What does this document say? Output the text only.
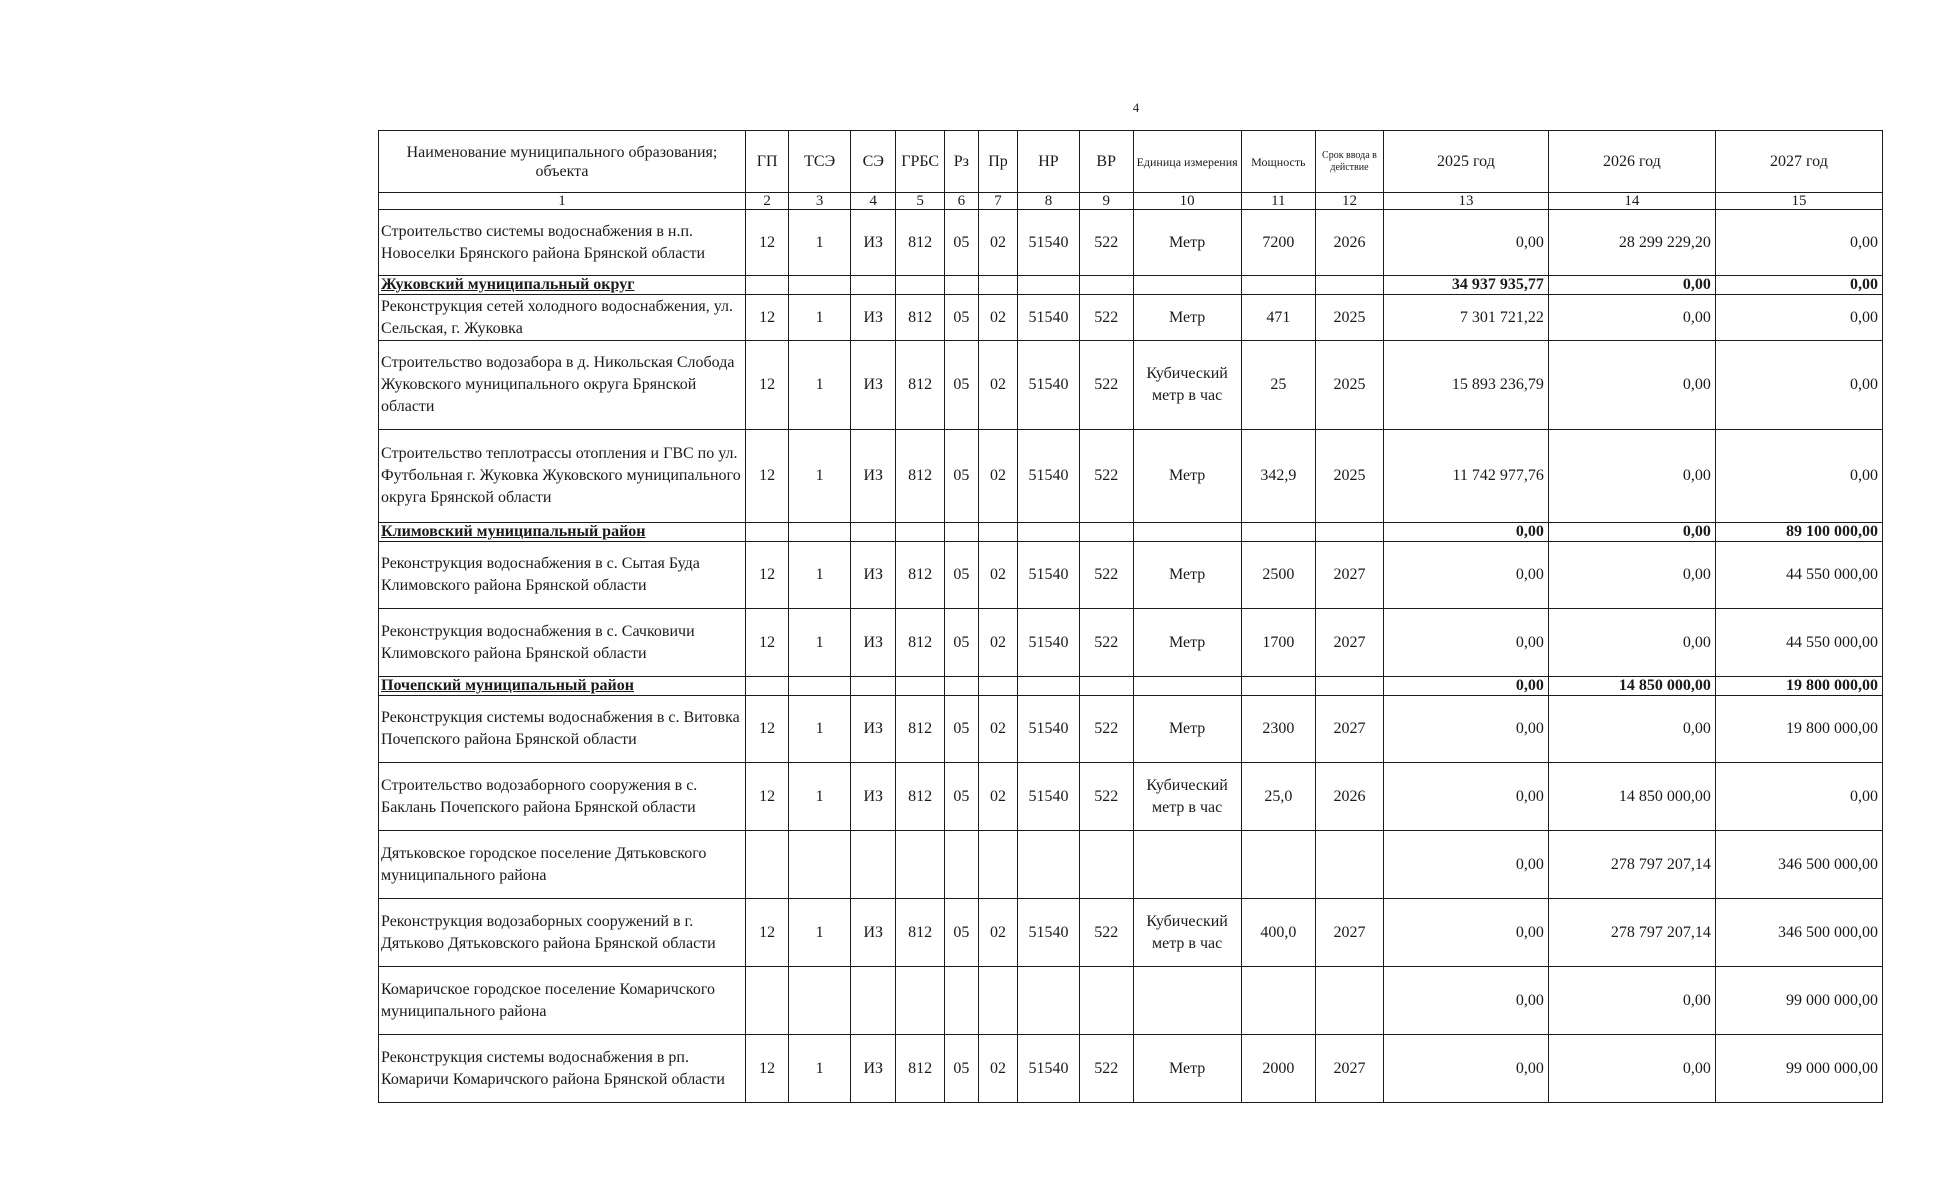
4
Наименование муниципального образования; объекта	ГП	ТСЭ	СЭ	ГРБС	Рз	Пр	НР	ВР	Единица измерения	Мощность	Срок ввода в действие	2025 год	2026 год	2027 год
1	2	3	4	5	6	7	8	9	10	11	12	13	14	15
Строительство системы водоснабжения в н.п. Новоселки Брянского района Брянской области	12	1	ИЗ	812	05	02	51540	522	Метр	7200	2026	0,00	28 299 229,20	0,00
Жуковский муниципальный округ												34 937 935,77	0,00	0,00
Реконструкция сетей холодного водоснабжения, ул. Сельская, г. Жуковка	12	1	ИЗ	812	05	02	51540	522	Метр	471	2025	7 301 721,22	0,00	0,00
Строительство водозабора в д. Никольская Слобода Жуковского муниципального округа Брянской области	12	1	ИЗ	812	05	02	51540	522	Кубический метр в час	25	2025	15 893 236,79	0,00	0,00
Строительство теплотрассы отопления и ГВС по ул. Футбольная г. Жуковка Жуковского муниципального округа Брянской области	12	1	ИЗ	812	05	02	51540	522	Метр	342,9	2025	11 742 977,76	0,00	0,00
Климовский муниципальный район												0,00	0,00	89 100 000,00
Реконструкция водоснабжения в с. Сытая Буда Климовского района Брянской области	12	1	ИЗ	812	05	02	51540	522	Метр	2500	2027	0,00	0,00	44 550 000,00
Реконструкция водоснабжения в с. Сачковичи Климовского района Брянской области	12	1	ИЗ	812	05	02	51540	522	Метр	1700	2027	0,00	0,00	44 550 000,00
Почепский муниципальный район												0,00	14 850 000,00	19 800 000,00
Реконструкция системы водоснабжения в с. Витовка Почепского района Брянской области	12	1	ИЗ	812	05	02	51540	522	Метр	2300	2027	0,00	0,00	19 800 000,00
Строительство водозаборного сооружения в с. Баклань Почепского района Брянской области	12	1	ИЗ	812	05	02	51540	522	Кубический метр в час	25,0	2026	0,00	14 850 000,00	0,00
Дятьковское городское поселение Дятьковского муниципального района												0,00	278 797 207,14	346 500 000,00
Реконструкция водозаборных сооружений в г. Дятьково Дятьковского района Брянской области	12	1	ИЗ	812	05	02	51540	522	Кубический метр в час	400,0	2027	0,00	278 797 207,14	346 500 000,00
Комаричское городское поселение Комаричского муниципального района												0,00	0,00	99 000 000,00
Реконструкция системы водоснабжения в рп. Комаричи Комаричского района Брянской области	12	1	ИЗ	812	05	02	51540	522	Метр	2000	2027	0,00	0,00	99 000 000,00
